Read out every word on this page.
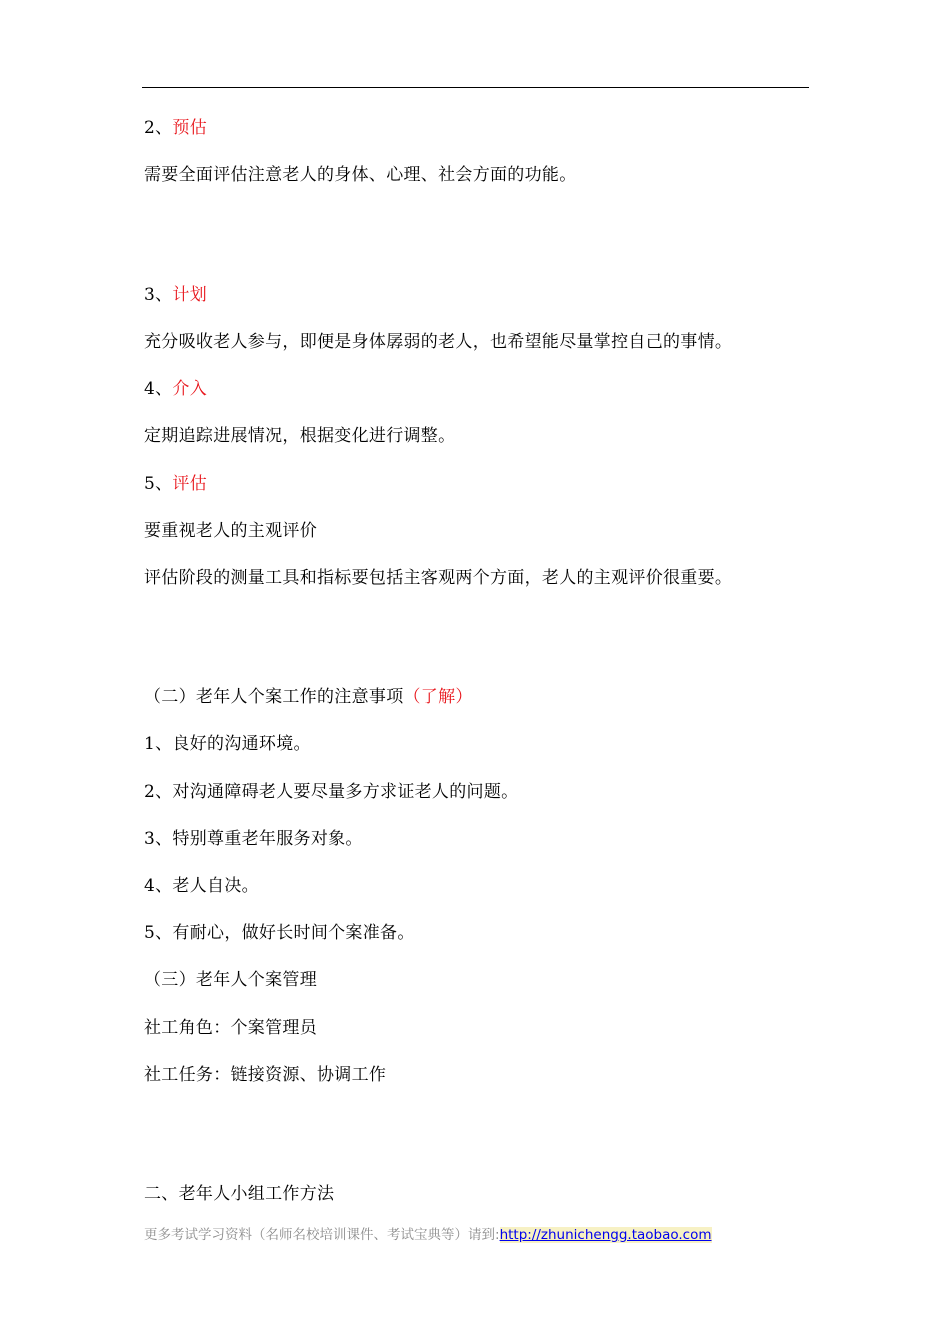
2、预估
需要全面评估注意老人的身体、心理、社会方面的功能。
3、计划
充分吸收老人参与，即便是身体孱弱的老人，也希望能尽量掌控自己的事情。
4、介入
定期追踪进展情况，根据变化进行调整。
5、评估
要重视老人的主观评价
评估阶段的测量工具和指标要包括主客观两个方面，老人的主观评价很重要。
（二）老年人个案工作的注意事项（了解）
1、良好的沟通环境。
2、对沟通障碍老人要尽量多方求证老人的问题。
3、特别尊重老年服务对象。
4、老人自决。
5、有耐心，做好长时间个案准备。
（三）老年人个案管理
社工角色：个案管理员
社工任务：链接资源、协调工作
二、老年人小组工作方法
更多考试学习资料（名师名校培训课件、考试宝典等）请到:http://zhunichengg.taobao.com
